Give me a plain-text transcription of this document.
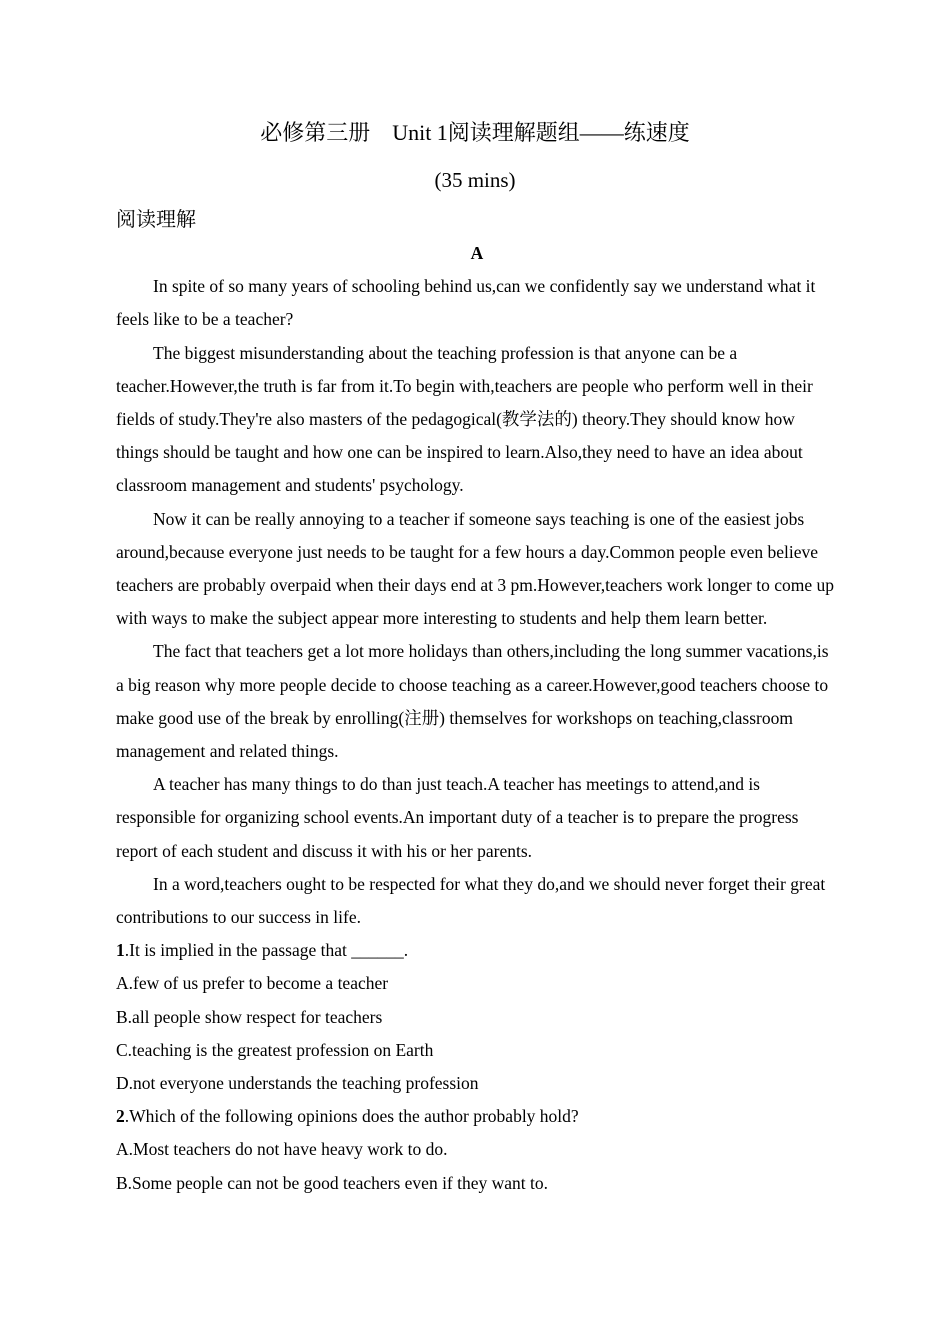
必修第三册　Unit 1阅读理解题组——练速度
(35 mins)
阅读理解

A

In spite of so many years of schooling behind us,can we confidently say we understand what it feels like to be a teacher?

The biggest misunderstanding about the teaching profession is that anyone can be a teacher.However,the truth is far from it.To begin with,teachers are people who perform well in their fields of study.They're also masters of the pedagogical(教学法的) theory.They should know how things should be taught and how one can be inspired to learn.Also,they need to have an idea about classroom management and students' psychology.

Now it can be really annoying to a teacher if someone says teaching is one of the easiest jobs around,because everyone just needs to be taught for a few hours a day.Common people even believe teachers are probably overpaid when their days end at 3 pm.However,teachers work longer to come up with ways to make the subject appear more interesting to students and help them learn better.

The fact that teachers get a lot more holidays than others,including the long summer vacations,is a big reason why more people decide to choose teaching as a career.However,good teachers choose to make good use of the break by enrolling(注册) themselves for workshops on teaching,classroom management and related things.

A teacher has many things to do than just teach.A teacher has meetings to attend,and is responsible for organizing school events.An important duty of a teacher is to prepare the progress report of each student and discuss it with his or her parents.

In a word,teachers ought to be respected for what they do,and we should never forget their great contributions to our success in life.

1.It is implied in the passage that ______.

A.few of us prefer to become a teacher

B.all people show respect for teachers

C.teaching is the greatest profession on Earth

D.not everyone understands the teaching profession

2.Which of the following opinions does the author probably hold?

A.Most teachers do not have heavy work to do.

B.Some people can not be good teachers even if they want to.
